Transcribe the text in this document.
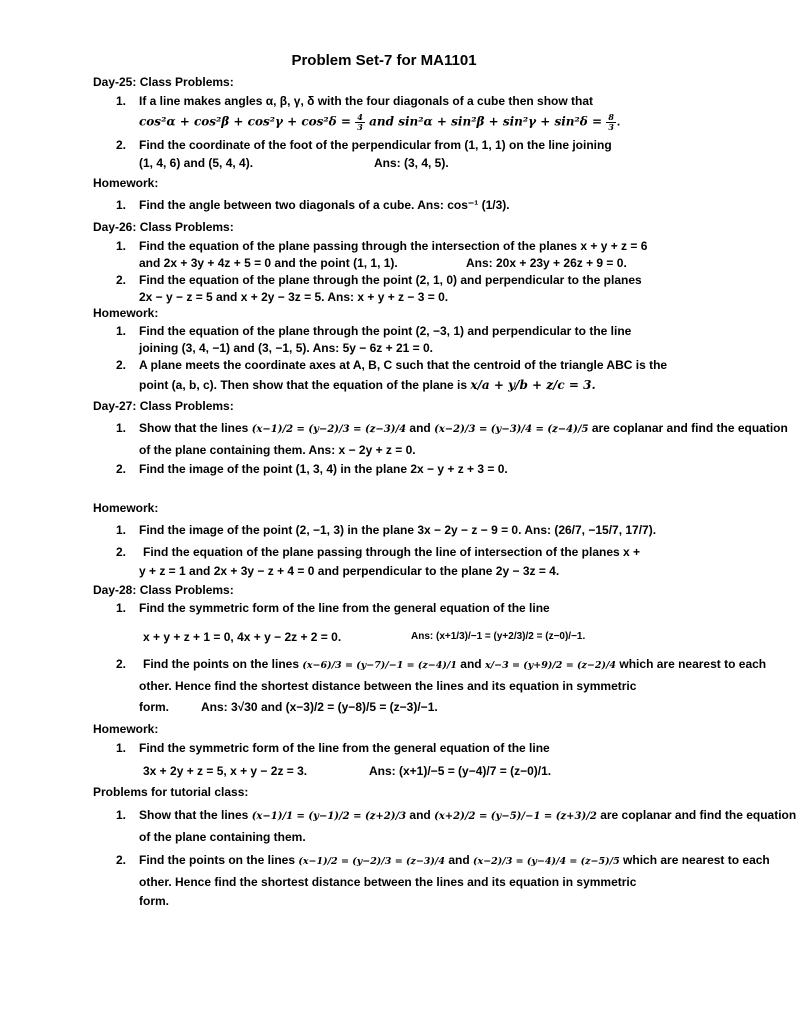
Problem Set-7 for MA1101
Day-25: Class Problems:
1. If a line makes angles α, β, γ, δ with the four diagonals of a cube then show that
$\cos^2\alpha + \cos^2\beta + \cos^2\gamma + \cos^2\delta = \frac{4}{3}$ and $\sin^2\alpha + \sin^2\beta + \sin^2\gamma + \sin^2\delta = \frac{8}{3}$ .
2. Find the coordinate of the foot of the perpendicular from (1, 1, 1) on the line joining
(1, 4, 6) and (5, 4, 4).	Ans: (3, 4, 5).
Homework:
1. Find the angle between two diagonals of a cube. Ans: cos⁻¹ (1/3).
Day-26: Class Problems:
1. Find the equation of the plane passing through the intersection of the planes x + y + z = 6
and 2x + 3y + 4z + 5 = 0 and the point (1, 1, 1).	Ans: 20x + 23y + 26z + 9 = 0.
2. Find the equation of the plane through the point (2, 1, 0) and perpendicular to the planes
2x − y − z = 5 and x + 2y − 3z = 5. Ans: x + y + z − 3 = 0.
Homework:
1. Find the equation of the plane through the point (2, −3, 1) and perpendicular to the line
joining (3, 4, −1) and (3, −1, 5). Ans: 5y − 6z + 21 = 0.
2. A plane meets the coordinate axes at A, B, C such that the centroid of the triangle ABC is the
point (a, b, c). Then show that the equation of the plane is x/a + y/b + z/c = 3.
Day-27: Class Problems:
1. Show that the lines (x−1)/2 = (y−2)/3 = (z−3)/4 and (x−2)/3 = (y−3)/4 = (z−4)/5 are coplanar and find the equation
of the plane containing them. Ans: x − 2y + z = 0.
2. Find the image of the point (1, 3, 4) in the plane 2x − y + z + 3 = 0.
Homework:
1. Find the image of the point (2, −1, 3) in the plane 3x − 2y − z − 9 = 0. Ans: (26/7, −15/7, 17/7).
2. Find the equation of the plane passing through the line of intersection of the planes x +
y + z = 1 and 2x + 3y − z + 4 = 0 and perpendicular to the plane 2y − 3z = 4.
Day-28: Class Problems:
1. Find the symmetric form of the line from the general equation of the line
x + y + z + 1 = 0, 4x + y − 2z + 2 = 0.	Ans: (x+1/3)/−1 = (y+2/3)/2 = (z−0)/−1.
2. Find the points on the lines (x−6)/3 = (y−7)/−1 = (z−4)/1 and x/−3 = (y+9)/2 = (z−2)/4 which are nearest to each
other. Hence find the shortest distance between the lines and its equation in symmetric
form.	Ans: 3√30 and (x−3)/2 = (y−8)/5 = (z−3)/−1.
Homework:
1. Find the symmetric form of the line from the general equation of the line
3x + 2y + z = 5, x + y − 2z = 3.	Ans: (x+1)/−5 = (y−4)/7 = (z−0)/1.
Problems for tutorial class:
1. Show that the lines (x−1)/1 = (y−1)/2 = (z+2)/3 and (x+2)/2 = (y−5)/−1 = (z+3)/2 are coplanar and find the equation
of the plane containing them.
2. Find the points on the lines (x−1)/2 = (y−2)/3 = (z−3)/4 and (x−2)/3 = (y−4)/4 = (z−5)/5 which are nearest to each
other. Hence find the shortest distance between the lines and its equation in symmetric
form.
